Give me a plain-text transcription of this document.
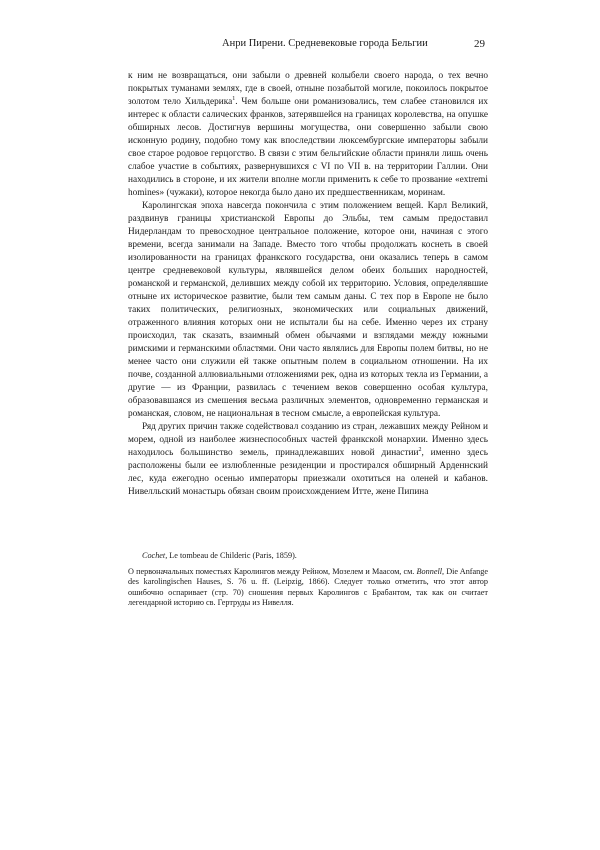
Анри Пирени. Средневековые города Бельгии	29

к ним не возвращаться, они забыли о древней колыбели своего народа, о тех вечно покрытых туманами землях, где в своей, отныне позабытой могиле, покоилось покрытое золотом тело Хильдерика$^1$. Чем больше они романизовались, тем слабее становился их интерес к области салических франков, затерявшейся на границах королевства, на опушке обширных лесов. Достигнув вершины могущества, они совершенно забыли свою исконную родину, подобно тому как впоследствии люксембургские императоры забыли свое старое родовое герцогство. В связи с этим бельгийские области приняли лишь очень слабое участие в событиях, развернувшихся с VI по VII в. на территории Галлии. Они находились в стороне, и их жители вполне могли применить к себе то прозвание «extremi homines» (чужаки), которое некогда было дано их предшественникам, моринам.

Каролингская эпоха навсегда покончила с этим положением вещей. Карл Великий, раздвинув границы христианской Европы до Эльбы, тем самым предоставил Нидерландам то превосходное центральное положение, которое они, начиная с этого времени, всегда занимали на Западе. Вместо того чтобы продолжать коснеть в своей изолированности на границах франкского государства, они оказались теперь в самом центре средневековой культуры, являвшейся делом обеих больших народностей, романской и германской, деливших между собой их территорию. Условия, определявшие отныне их историческое развитие, были тем самым даны. С тех пор в Европе не было таких политических, религиозных, экономических или социальных движений, отраженного влияния которых они не испытали бы на себе. Именно через их страну происходил, так сказать, взаимный обмен обычаями и взглядами между южными римскими и германскими областями. Они часто являлись для Европы полем битвы, но не менее часто они служили ей также опытным полем в социальном отношении. На их почве, созданной аллювиальными отложениями рек, одна из которых текла из Германии, а другие — из Франции, развилась с течением веков совершенно особая культура, образовавшаяся из смешения весьма различных элементов, одновременно германская и романская, словом, не национальная в тесном смысле, а европейская культура.

Ряд других причин также содействовал созданию из стран, лежавших между Рейном и морем, одной из наиболее жизнеспособных частей франкской монархии. Именно здесь находилось большинство земель, принадлежавших новой династии$^2$, именно здесь расположены были ее излюбленные резиденции и простирался обширный Арденнский лес, куда ежегодно осенью императоры приезжали охотиться на оленей и кабанов. Нивелльский монастырь обязан своим происхождением Итте, жене Пипина

Cochet, Le tombeau de Childeric (Paris, 1859).

О первоначальных поместьях Каролингов между Рейном, Мозелем и Маасом, см. Bonnell, Die Anfange des karolingischen Hauses, S. 76 u. ff. (Leipzig, 1866). Следует только отметить, что этот автор ошибочно оспаривает (стр. 70) сношения первых Каролингов с Брабантом, так как он считает легендарной историю св. Гертруды из Нивелля.
